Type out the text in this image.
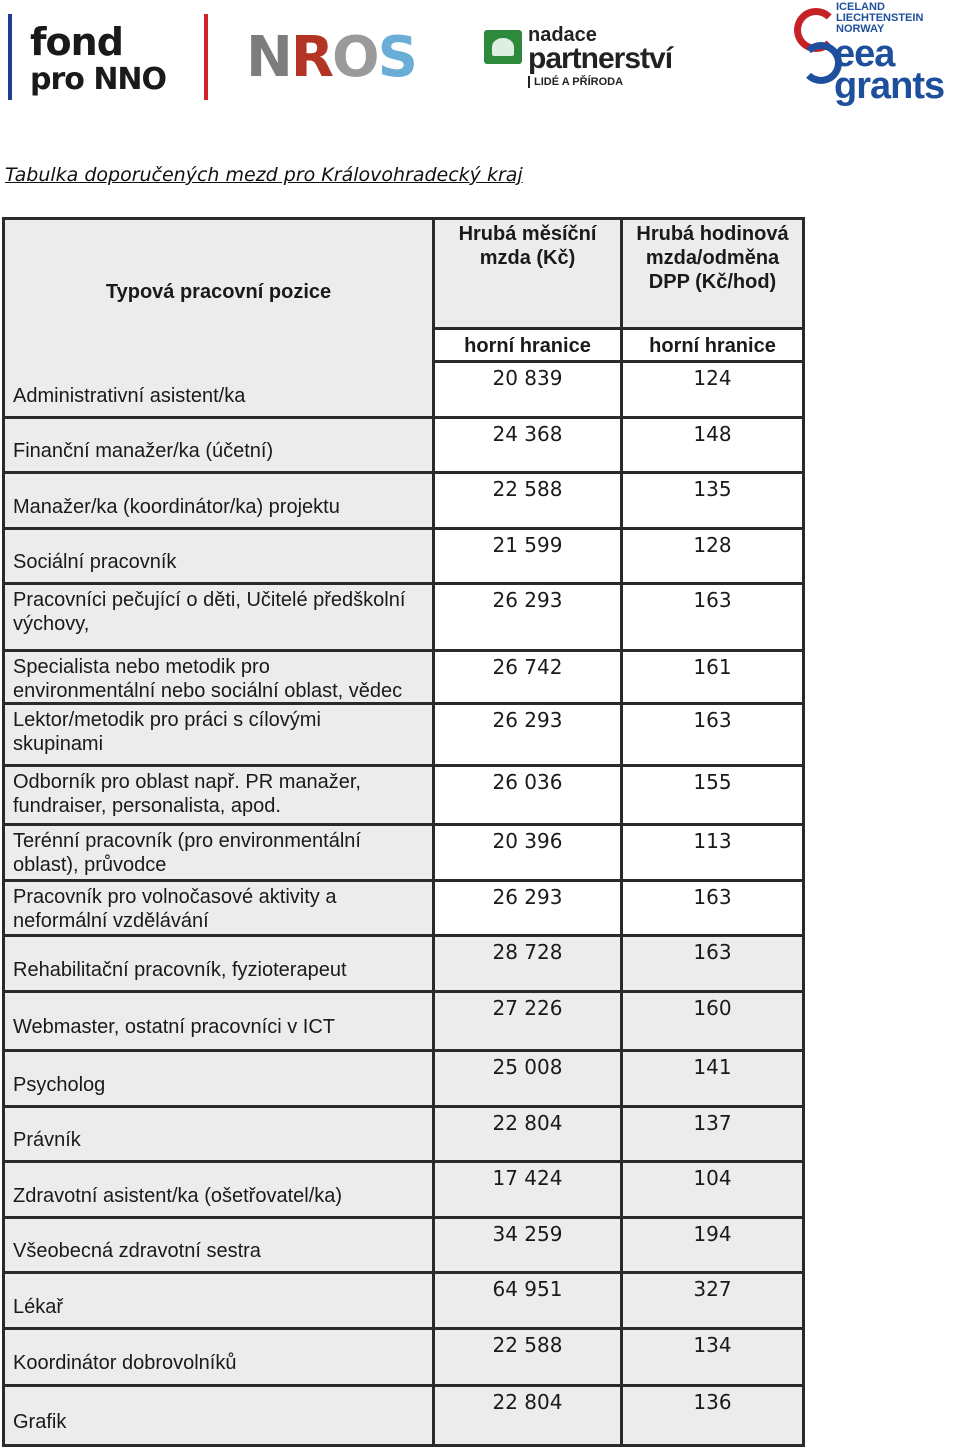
fond
pro NNO NROS	nadace
partnerství
LIDÉ A PŘÍRODA
ICELAND
LIECHTENSTEIN
NORWAY
eea
grants
Tabulka doporučených mezd pro Královohradecký kraj
Typová pracovní pozice
Hrubá měsíční
mzda (Kč)
Hrubá hodinová
mzda/odměna
DPP (Kč/hod)
horní hranice	horní hranice
Administrativní asistent/ka
20 839	124
Finanční manažer/ka (účetní)
24 368	148
Manažer/ka (koordinátor/ka) projektu
22 588	135
Sociální pracovník
21 599	128
Pracovníci pečující o děti, Učitelé předškolní
výchovy,
26 293	163
Specialista nebo metodik pro
environmentální nebo sociální oblast, vědec
26 742	161
Lektor/metodik pro práci s cílovými
skupinami
26 293	163
Odborník pro oblast např. PR manažer,
fundraiser, personalista, apod.
26 036	155
Terénní pracovník (pro environmentální
oblast), průvodce
20 396	113
Pracovník pro volnočasové aktivity a
neformální vzdělávání
26 293	163
Rehabilitační pracovník, fyzioterapeut
28 728	163
Webmaster, ostatní pracovníci v ICT
27 226	160
Psycholog
25 008	141
Právník
22 804	137
Zdravotní asistent/ka (ošetřovatel/ka)
17 424	104
Všeobecná zdravotní sestra
34 259	194
Lékař
64 951	327
Koordinátor dobrovolníků
22 588	134
Grafik
22 804	136
